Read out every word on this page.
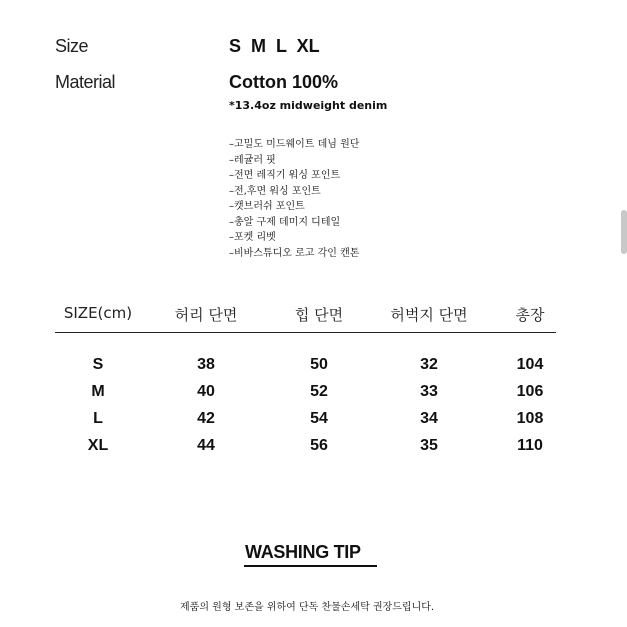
Size	S  M  L  XL
Material	Cotton 100%
*13.4oz midweight denim
–고밀도 미드웨이트 데님 원단
–레귤러 핏
–전면 레직기 워싱 포인트
–전,후면 워싱 포인트
–캣브러쉬 포인트
–총알 구제 데미지 디테일
–포켓 리벳
–비바스튜디오 로고 각인 캔톤
SIZE(cm)	허리 단면	힙 단면	허벅지 단면	총장
S	38	50	32	104
M	40	52	33	106
L	42	54	34	108
XL	44	56	35	110
WASHING TIP
제품의 원형 보존을 위하여 단독 찬물손세탁 권장드립니다.
